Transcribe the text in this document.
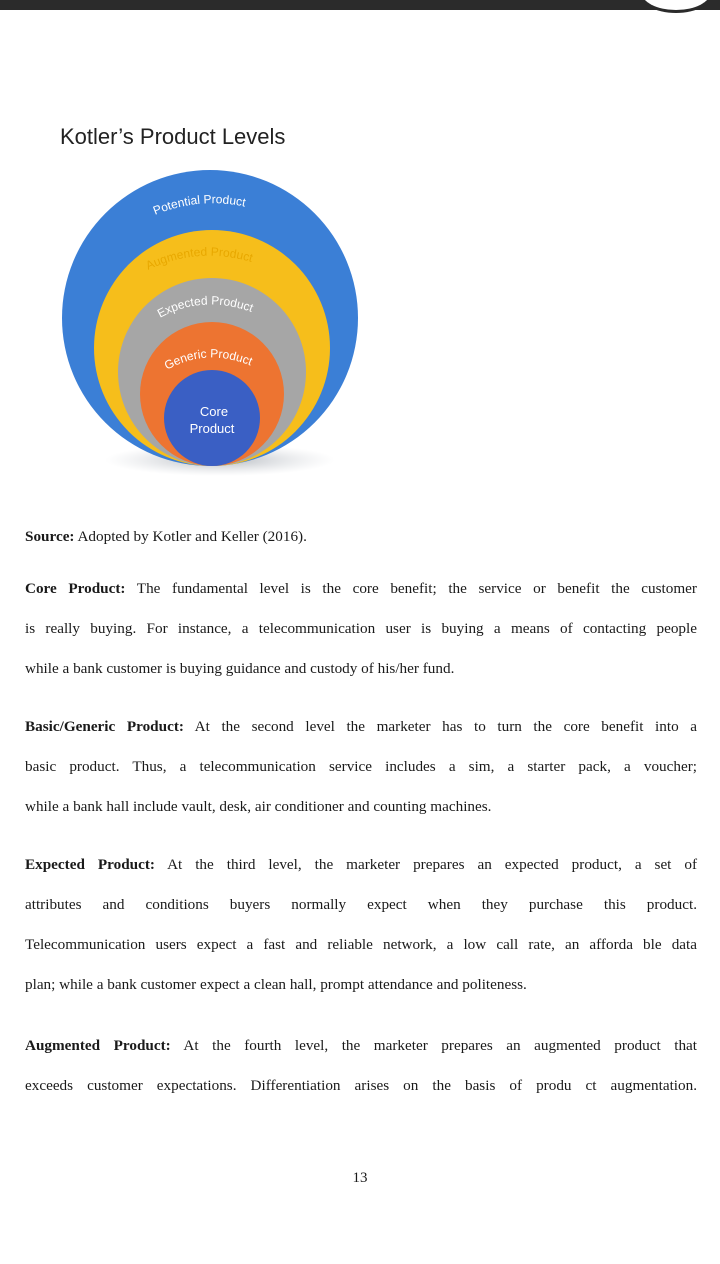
Kotler’s Product Levels
Potential Product
Augmented Product
Expected Product
Generic Product
Core
Product
Source: Adopted by Kotler and Keller (2016).
Core Product: The fundamental level is the core benefit; the service or benefit the customer
is really buying. For instance, a telecommunication user is buying a means of contacting people
while a bank customer is buying guidance and custody of his/her fund.
Basic/Generic Product: At the second level the marketer has to turn the core benefit into a
basic product. Thus, a telecommunication service includes a sim, a starter pack, a voucher;
while a bank hall include vault, desk, air conditioner and counting machines.
Expected Product: At the third level, the marketer prepares an expected product, a set of
attributes and conditions buyers normally expect when they purchase this product.
Telecommunication users expect a fast and reliable network, a low call rate, an afforda ble data
plan; while a bank customer expect a clean hall, prompt attendance and politeness.
Augmented Product: At the fourth level, the marketer prepares an augmented product that
exceeds customer expectations. Differentiation arises on the basis of produ ct augmentation.
13
